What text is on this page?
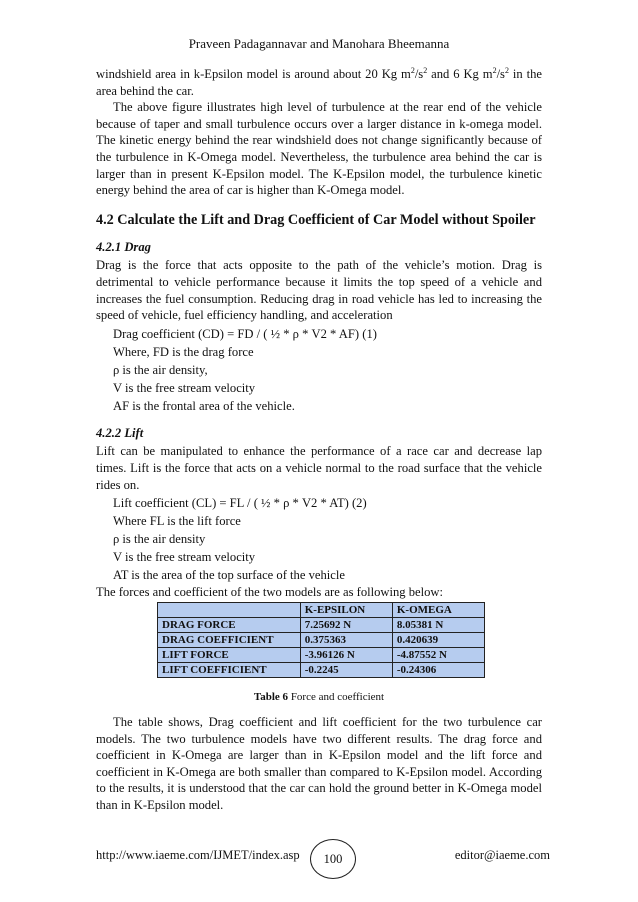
Praveen Padagannavar and Manohara Bheemanna

windshield area in k-Epsilon model is around about 20 Kg $m^2/s^2$ and 6 Kg $m^2/s^2$ in the area behind the car.

The above figure illustrates high level of turbulence at the rear end of the vehicle because of taper and small turbulence occurs over a larger distance in k-omega model. The kinetic energy behind the rear windshield does not change significantly because of the turbulence in K-Omega model. Nevertheless, the turbulence area behind the car is larger than in present K-Epsilon model. The K-Epsilon model, the turbulence kinetic energy behind the area of car is higher than K-Omega model.

4.2 Calculate the Lift and Drag Coefficient of Car Model without Spoiler
4.2.1 Drag

Drag is the force that acts opposite to the path of the vehicle’s motion. Drag is detrimental to vehicle performance because it limits the top speed of a vehicle and increases the fuel consumption. Reducing drag in road vehicle has led to increasing the speed of vehicle, fuel efficiency handling, and acceleration

Drag coefficient (CD) = FD / ( ½ * ρ * V2 * AF) (1)
Where, FD is the drag force
ρ is the air density,
V is the free stream velocity
AF is the frontal area of the vehicle.
4.2.2 Lift

Lift can be manipulated to enhance the performance of a race car and decrease lap times. Lift is the force that acts on a vehicle normal to the road surface that the vehicle rides on.

Lift coefficient (CL) = FL / ( ½ * ρ * V2 * AT) (2)
Where FL is the lift force
ρ is the air density
V is the free stream velocity
AT is the area of the top surface of the vehicle

The forces and coefficient of the two models are as following below:

	K-EPSILON	K-OMEGA
DRAG FORCE	7.25692 N	8.05381 N
DRAG COEFFICIENT	0.375363	0.420639
LIFT FORCE	-3.96126 N	-4.87552 N
LIFT COEFFICIENT	-0.2245	-0.24306
Table 6 Force and coefficient

The table shows, Drag coefficient and lift coefficient for the two turbulence car models. The two turbulence models have two different results. The drag force and coefficient in K-Omega are larger than in K-Epsilon model and the lift force and coefficient in K-Omega are both smaller than compared to K-Epsilon model. According to the results, it is understood that the car can hold the ground better in K-Omega model than in K-Epsilon model.

http://www.iaeme.com/IJMET/index.asp	100	editor@iaeme.com
